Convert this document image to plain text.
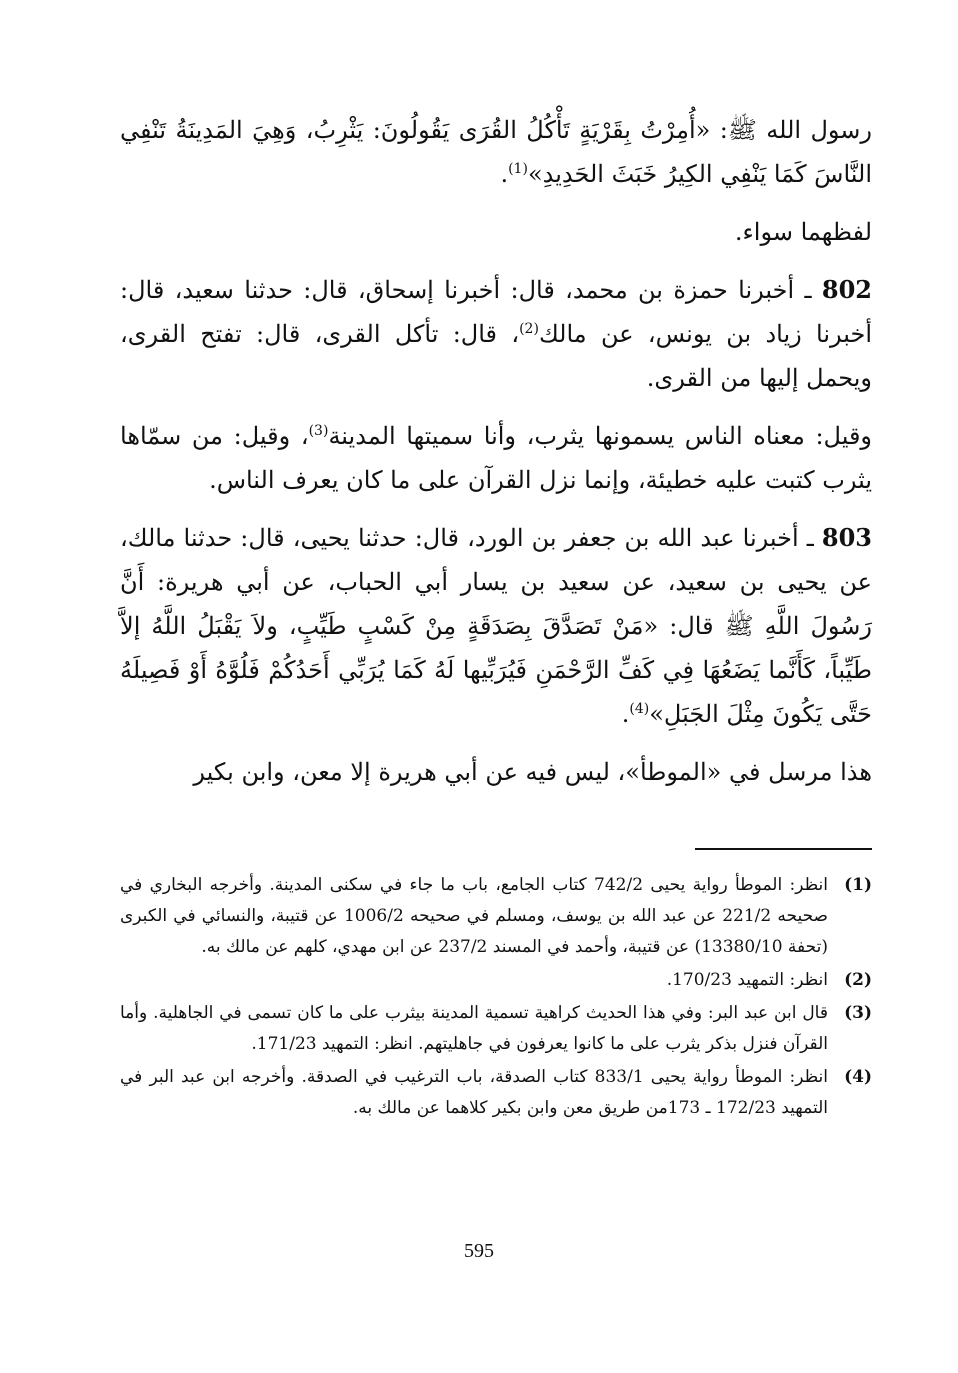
رسول الله ﷺ: «أُمِرْتُ بِقَرْيَةٍ تَأْكُلُ القُرَى يَقُولُونَ: يَثْرِبُ، وَهِيَ المَدِينَةُ تَنْفِي النَّاسَ كَمَا يَنْفِي الكِيرُ خَبَثَ الحَدِيدِ»$^{(1)}$.

لفظهما سواء.

802 ـ أخبرنا حمزة بن محمد، قال: أخبرنا إسحاق، قال: حدثنا سعيد، قال: أخبرنا زياد بن يونس، عن مالك$^{(2)}$، قال: تأكل القرى، قال: تفتح القرى، ويحمل إليها من القرى.

وقيل: معناه الناس يسمونها يثرب، وأنا سميتها المدينة$^{(3)}$، وقيل: من سمّاها يثرب كتبت عليه خطيئة، وإنما نزل القرآن على ما كان يعرف الناس.

803 ـ أخبرنا عبد الله بن جعفر بن الورد، قال: حدثنا يحيى، قال: حدثنا مالك، عن يحيى بن سعيد، عن سعيد بن يسار أبي الحباب، عن أبي هريرة: أَنَّ رَسُولَ اللَّهِ ﷺ قال: «مَنْ تَصَدَّقَ بِصَدَقَةٍ مِنْ كَسْبٍ طَيِّبٍ، ولاَ يَقْبَلُ اللَّهُ إلاَّ طَيِّباً، كَأَنَّما يَضَعُهَا فِي كَفِّ الرَّحْمَنِ فَيُرَبِّيها لَهُ كَمَا يُرَبِّي أَحَدُكُمْ فَلُوَّهُ أَوْ فَصِيلَهُ حَتَّى يَكُونَ مِثْلَ الجَبَلِ»$^{(4)}$.

هذا مرسل في «الموطأ»، ليس فيه عن أبي هريرة إلا معن، وابن بكير

(1)
انظر: الموطأ رواية يحيى 742/2 كتاب الجامع، باب ما جاء في سكنى المدينة. وأخرجه البخاري في صحيحه 221/2 عن عبد الله بن يوسف، ومسلم في صحيحه 1006/2 عن قتيبة، والنسائي في الكبرى (تحفة 13380/10) عن قتيبة، وأحمد في المسند 237/2 عن ابن مهدي، كلهم عن مالك به.
(2)
انظر: التمهيد 170/23.
(3)
قال ابن عبد البر: وفي هذا الحديث كراهية تسمية المدينة بيثرب على ما كان تسمى في الجاهلية. وأما القرآن فنزل بذكر يثرب على ما كانوا يعرفون في جاهليتهم. انظر: التمهيد 171/23.
(4)
انظر: الموطأ رواية يحيى 833/1 كتاب الصدقة، باب الترغيب في الصدقة. وأخرجه ابن عبد البر في التمهيد 172/23 ـ 173من طريق معن وابن بكير كلاهما عن مالك به.
595
